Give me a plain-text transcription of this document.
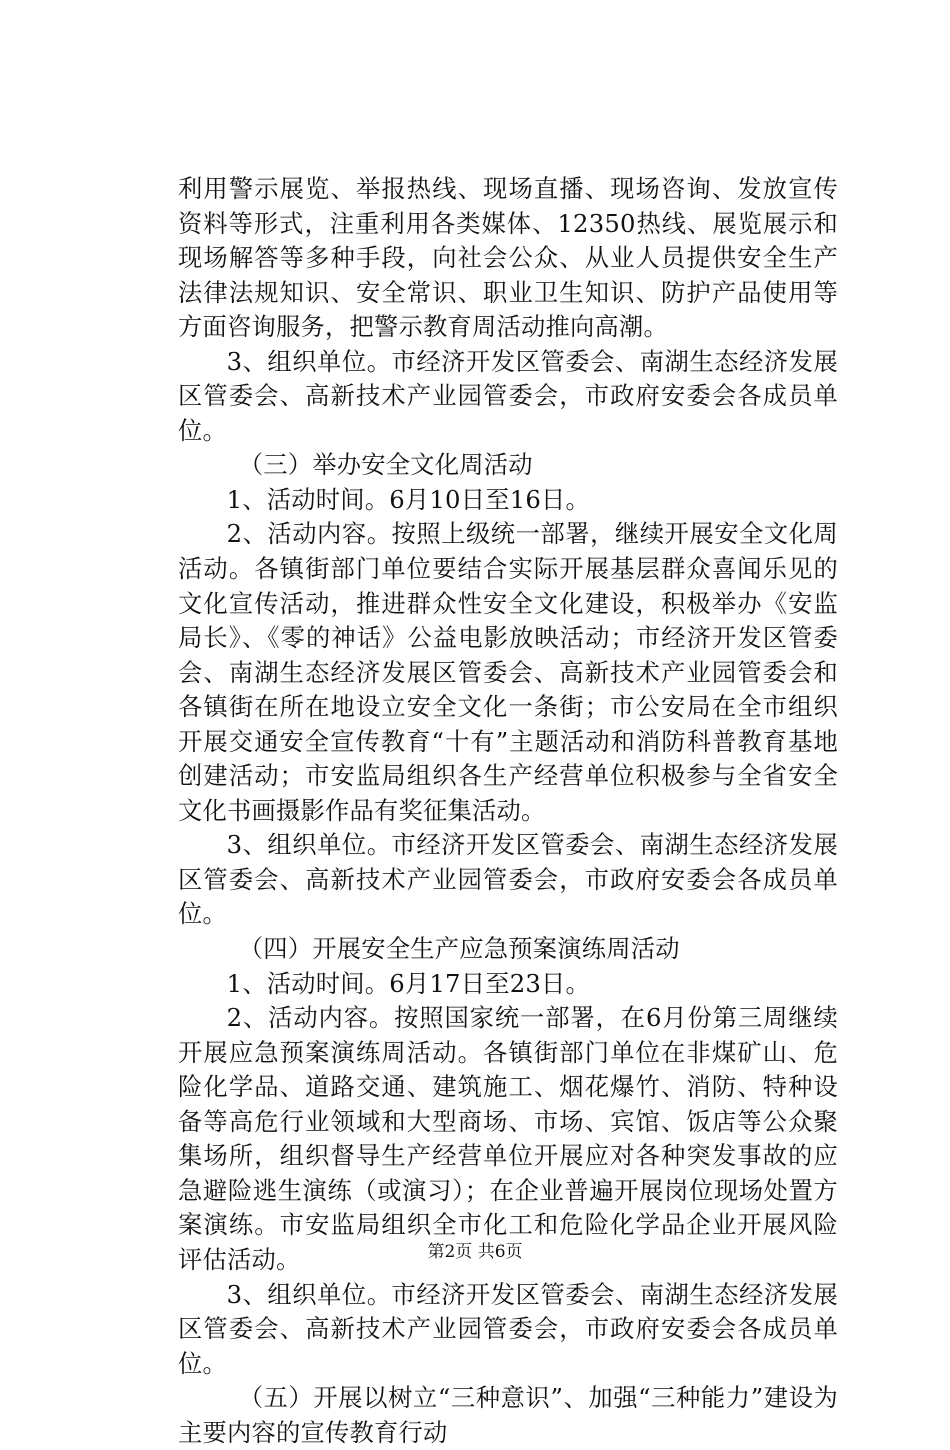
利用警示展览、举报热线、现场直播、现场咨询、发放宣传资料等形式，注重利用各类媒体、12350热线、展览展示和现场解答等多种手段，向社会公众、从业人员提供安全生产法律法规知识、安全常识、职业卫生知识、防护产品使用等方面咨询服务，把警示教育周活动推向高潮。

3、组织单位。市经济开发区管委会、南湖生态经济发展区管委会、高新技术产业园管委会，市政府安委会各成员单位。

（三）举办安全文化周活动

1、活动时间。6月10日至16日。

2、活动内容。按照上级统一部署，继续开展安全文化周活动。各镇街部门单位要结合实际开展基层群众喜闻乐见的文化宣传活动，推进群众性安全文化建设，积极举办《安监局长》、《零的神话》公益电影放映活动；市经济开发区管委会、南湖生态经济发展区管委会、高新技术产业园管委会和各镇街在所在地设立安全文化一条街；市公安局在全市组织开展交通安全宣传教育“十有”主题活动和消防科普教育基地创建活动；市安监局组织各生产经营单位积极参与全省安全文化书画摄影作品有奖征集活动。

3、组织单位。市经济开发区管委会、南湖生态经济发展区管委会、高新技术产业园管委会，市政府安委会各成员单位。

（四）开展安全生产应急预案演练周活动

1、活动时间。6月17日至23日。

2、活动内容。按照国家统一部署，在6月份第三周继续开展应急预案演练周活动。各镇街部门单位在非煤矿山、危险化学品、道路交通、建筑施工、烟花爆竹、消防、特种设备等高危行业领域和大型商场、市场、宾馆、饭店等公众聚集场所，组织督导生产经营单位开展应对各种突发事故的应急避险逃生演练（或演习）；在企业普遍开展岗位现场处置方案演练。市安监局组织全市化工和危险化学品企业开展风险评估活动。

3、组织单位。市经济开发区管委会、南湖生态经济发展区管委会、高新技术产业园管委会，市政府安委会各成员单位。

（五）开展以树立“三种意识”、加强“三种能力”建设为主要内容的宣传教育行动

第2页 共6页
